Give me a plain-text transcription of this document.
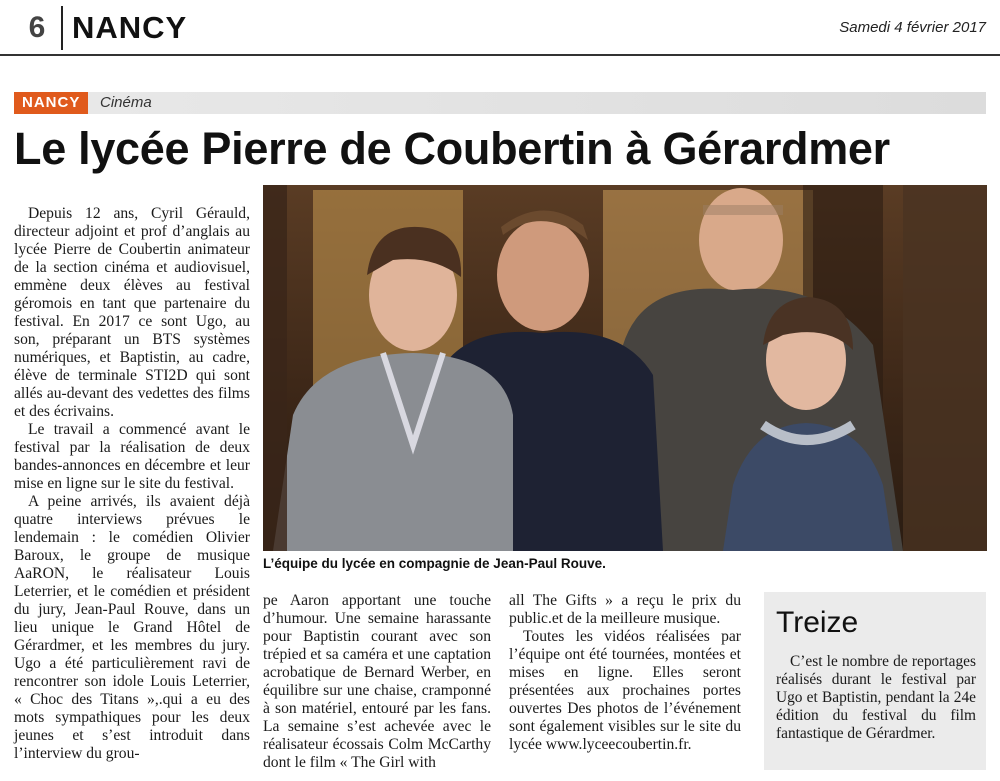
6 NANCY	Samedi 4 février 2017
NANCY	Cinéma
Le lycée Pierre de Coubertin à Gérardmer

Depuis 12 ans, Cyril Gérauld, directeur adjoint et prof d’anglais au lycée Pierre de Coubertin animateur de la section cinéma et audiovisuel, emmène deux élèves au festival géromois en tant que partenaire du festival. En 2017 ce sont Ugo, au son, préparant un BTS systèmes numériques, et Baptistin, au cadre, élève de terminale STI2D qui sont allés au-devant des vedettes des films et des écrivains.

Le travail a commencé avant le festival par la réalisation de deux bandes-annonces en décembre et leur mise en ligne sur le site du festival.

A peine arrivés, ils avaient déjà quatre interviews prévues le lendemain : le comédien Olivier Baroux, le groupe de musique AaRON, le réalisateur Louis Leterrier, et le comédien et président du jury, Jean-Paul Rouve, dans un lieu unique le Grand Hôtel de Gérardmer, et les membres du jury. Ugo a été particulièrement ravi de rencontrer son idole Louis Leterrier, « Choc des Titans »,.qui a eu des mots sympathiques pour les deux jeunes et s’est introduit dans l’interview du grou-

L’équipe du lycée en compagnie de Jean-Paul Rouve.

pe Aaron apportant une touche d’humour. Une semaine harassante pour Baptistin courant avec son trépied et sa caméra et une captation acrobatique de Bernard Werber, en équilibre sur une chaise, cramponné à son matériel, entouré par les fans. La semaine s’est achevée avec le réalisateur écossais Colm McCarthy dont le film « The Girl with

all The Gifts » a reçu le prix du public.et de la meilleure musique.

Toutes les vidéos réalisées par l’équipe ont été tournées, montées et mises en ligne. Elles seront présentées aux prochaines portes ouvertes Des photos de l’événement sont également visibles sur le site du lycée www.lyceecoubertin.fr.

Treize

C’est le nombre de reportages réalisés durant le festival par Ugo et Baptistin, pendant la 24e édition du festival du film fantastique de Gérardmer.
